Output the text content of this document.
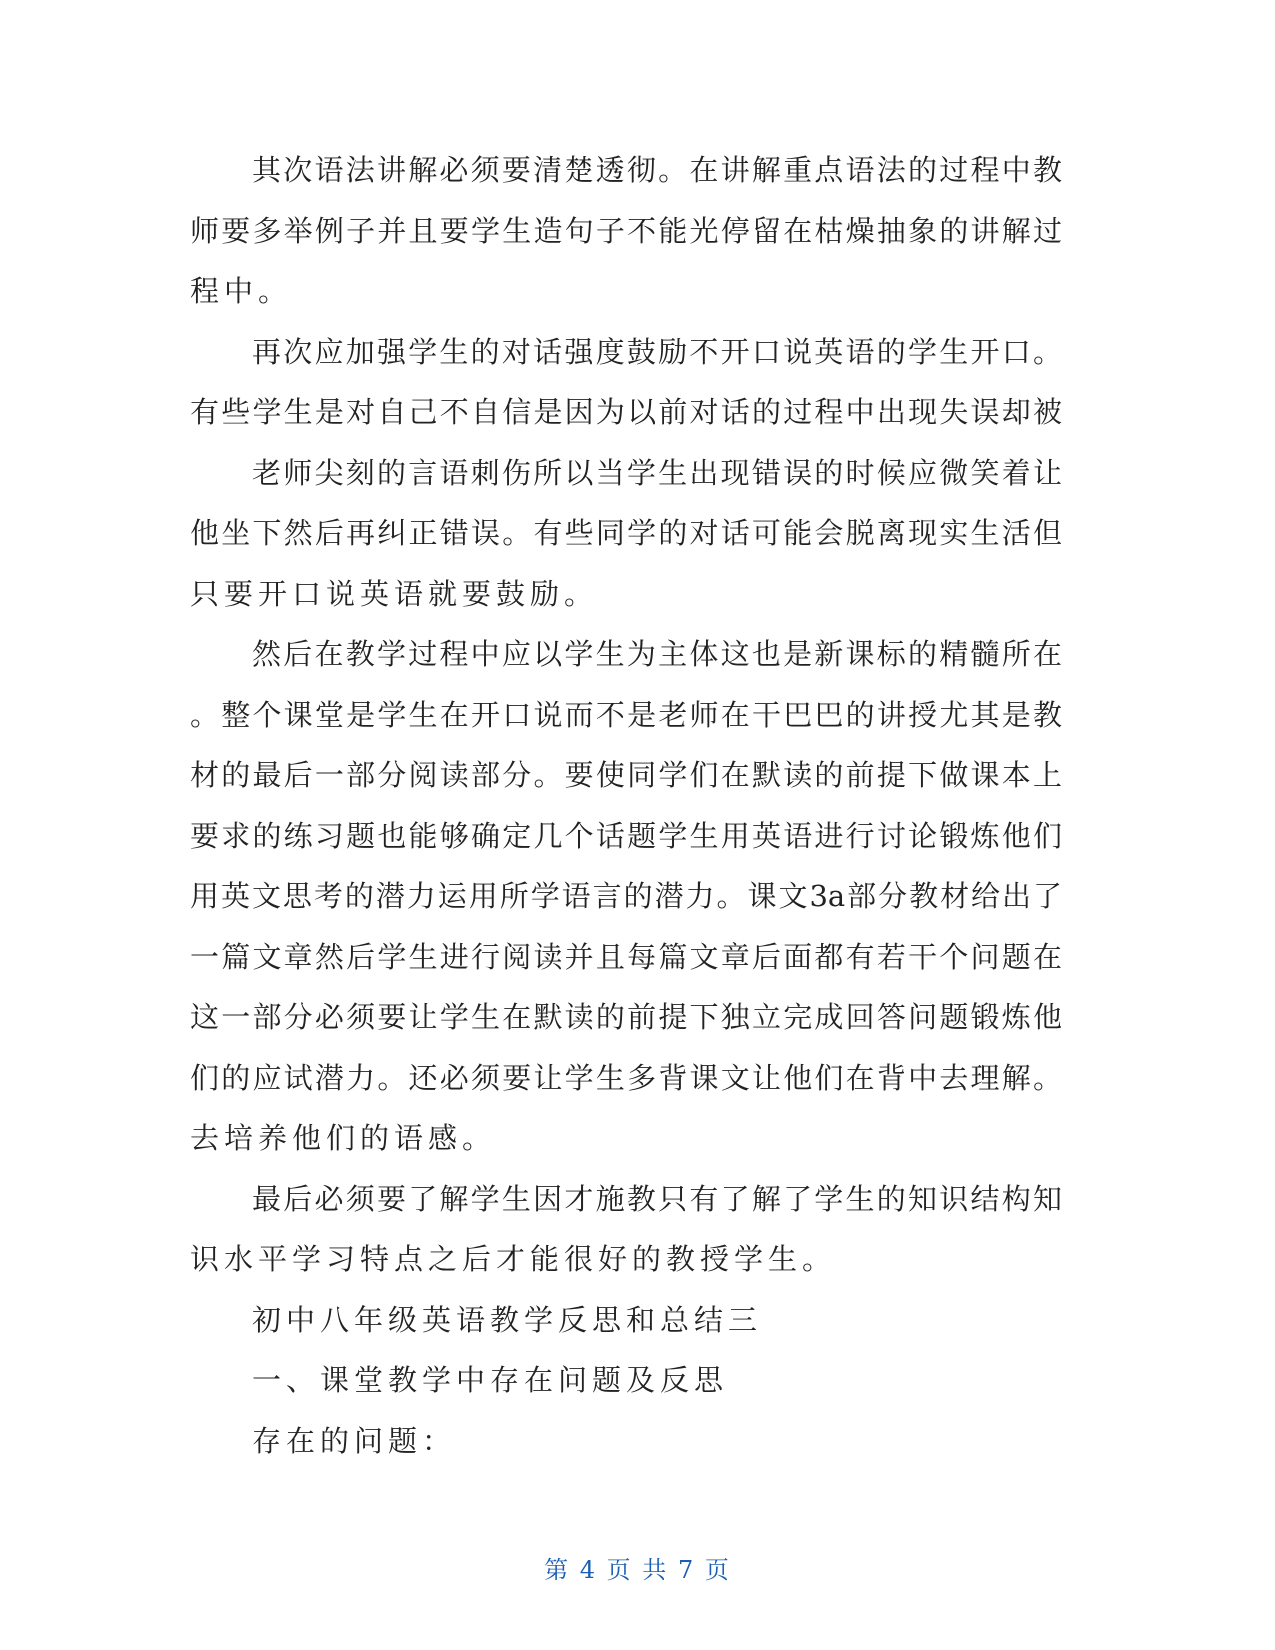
其次语法讲解必须要清楚透彻。在讲解重点语法的过程中教
师要多举例子并且要学生造句子不能光停留在枯燥抽象的讲解过
程中。
再次应加强学生的对话强度鼓励不开口说英语的学生开口。
有些学生是对自己不自信是因为以前对话的过程中出现失误却被
老师尖刻的言语刺伤所以当学生出现错误的时候应微笑着让
他坐下然后再纠正错误。有些同学的对话可能会脱离现实生活但
只要开口说英语就要鼓励。
然后在教学过程中应以学生为主体这也是新课标的精髓所在
。整个课堂是学生在开口说而不是老师在干巴巴的讲授尤其是教
材的最后一部分阅读部分。要使同学们在默读的前提下做课本上
要求的练习题也能够确定几个话题学生用英语进行讨论锻炼他们
用英文思考的潜力运用所学语言的潜力。课文3a部分教材给出了
一篇文章然后学生进行阅读并且每篇文章后面都有若干个问题在
这一部分必须要让学生在默读的前提下独立完成回答问题锻炼他
们的应试潜力。还必须要让学生多背课文让他们在背中去理解。
去培养他们的语感。
最后必须要了解学生因才施教只有了解了学生的知识结构知
识水平学习特点之后才能很好的教授学生。
初中八年级英语教学反思和总结三
一、课堂教学中存在问题及反思
存在的问题：
第 4 页 共 7 页
